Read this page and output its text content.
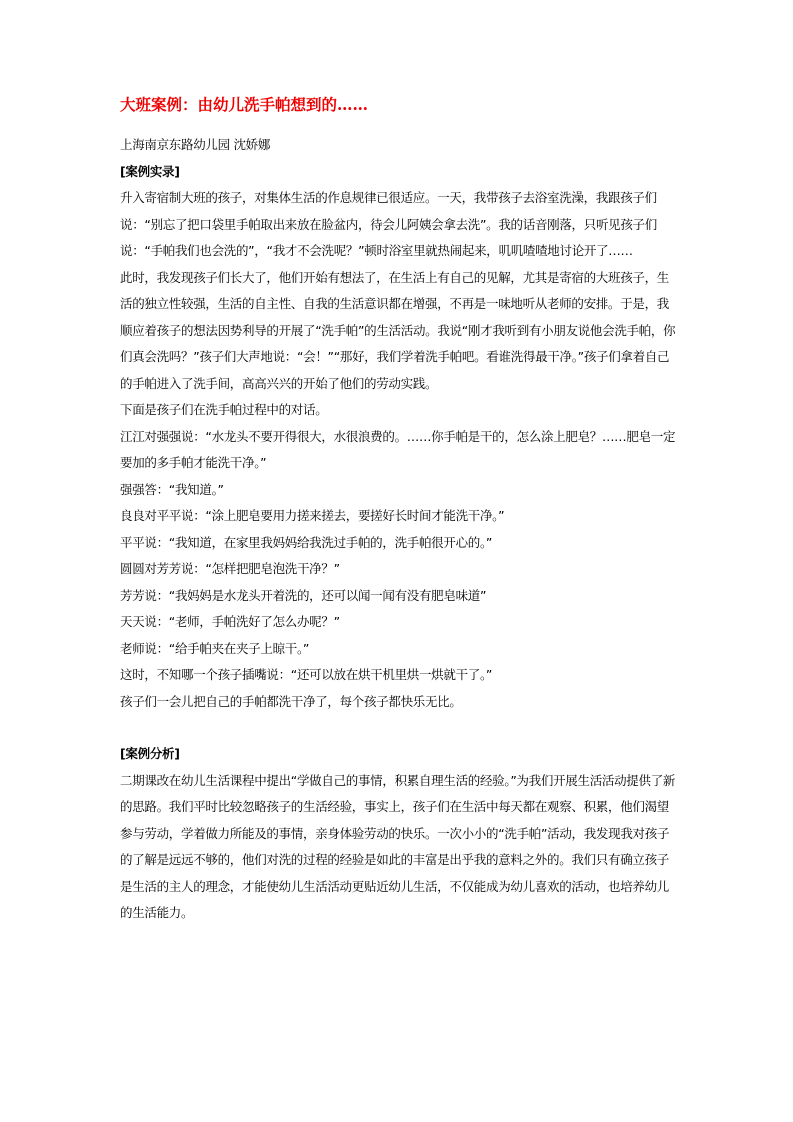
大班案例：由幼儿洗手帕想到的……

上海南京东路幼儿园 沈娇娜

[案例实录]

升入寄宿制大班的孩子，对集体生活的作息规律已很适应。一天，我带孩子去浴室洗澡，我跟孩子们说：“别忘了把口袋里手帕取出来放在脸盆内，待会儿阿姨会拿去洗”。我的话音刚落，只听见孩子们说：“手帕我们也会洗的”，“我才不会洗呢？”顿时浴室里就热闹起来，叽叽喳喳地讨论开了……

此时，我发现孩子们长大了，他们开始有想法了，在生活上有自己的见解，尤其是寄宿的大班孩子，生活的独立性较强，生活的自主性、自我的生活意识都在增强，不再是一味地听从老师的安排。于是，我顺应着孩子的想法因势利导的开展了“洗手帕”的生活活动。我说“刚才我听到有小朋友说他会洗手帕，你们真会洗吗？”孩子们大声地说：“会！”“那好，我们学着洗手帕吧。看谁洗得最干净。”孩子们拿着自己的手帕进入了洗手间，高高兴兴的开始了他们的劳动实践。

下面是孩子们在洗手帕过程中的对话。

江江对强强说：“水龙头不要开得很大，水很浪费的。……你手帕是干的，怎么涂上肥皂？……肥皂一定要加的多手帕才能洗干净。”

强强答：“我知道。”

良良对平平说：“涂上肥皂要用力搓来搓去，要搓好长时间才能洗干净。”

平平说：“我知道，在家里我妈妈给我洗过手帕的，洗手帕很开心的。”

圆圆对芳芳说：“怎样把肥皂泡洗干净？”

芳芳说：“我妈妈是水龙头开着洗的，还可以闻一闻有没有肥皂味道”

天天说：“老师，手帕洗好了怎么办呢？”

老师说：“给手帕夹在夹子上晾干。”

这时，不知哪一个孩子插嘴说：“还可以放在烘干机里烘一烘就干了。”

孩子们一会儿把自己的手帕都洗干净了，每个孩子都快乐无比。

[案例分析]

二期课改在幼儿生活课程中提出“学做自己的事情，积累自理生活的经验。”为我们开展生活活动提供了新的思路。我们平时比较忽略孩子的生活经验，事实上，孩子们在生活中每天都在观察、积累，他们渴望参与劳动，学着做力所能及的事情，亲身体验劳动的快乐。一次小小的“洗手帕”活动，我发现我对孩子的了解是远远不够的，他们对洗的过程的经验是如此的丰富是出乎我的意料之外的。我们只有确立孩子是生活的主人的理念，才能使幼儿生活活动更贴近幼儿生活，不仅能成为幼儿喜欢的活动，也培养幼儿的生活能力。
